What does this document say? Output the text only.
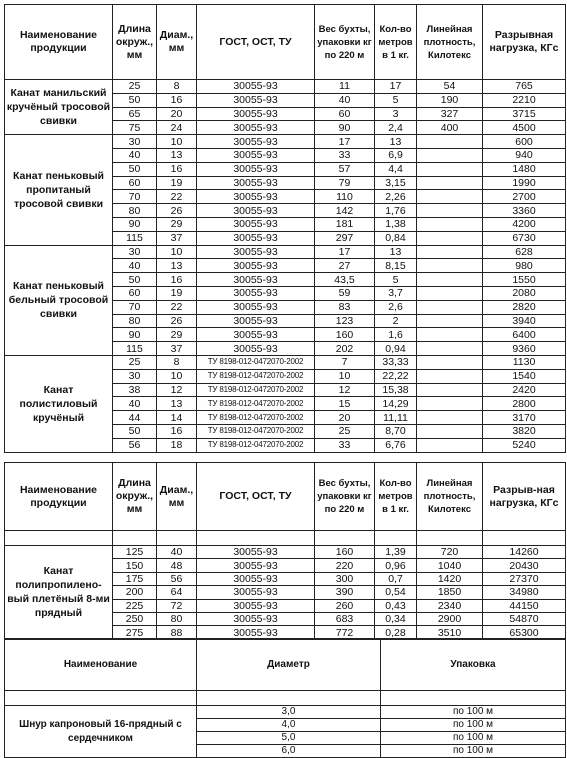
Наименование продукции	Длина окруж., мм	Диам., мм	ГОСТ, ОСТ, ТУ	Вес бухты, упаковки кг по 220 м	Кол-во метров в 1 кг.	Линейная плотность, Килотекс	Разрывная нагрузка, КГс
Канат манильский кручёный тросовой свивки	25	8	30055-93	11	17	54	765
	50	16	30055-93	40	5	190	2210
	65	20	30055-93	60	3	327	3715
	75	24	30055-93	90	2,4	400	4500
Канат пеньковый пропитаный тросовой свивки	30	10	30055-93	17	13		600
	40	13	30055-93	33	6,9		940
	50	16	30055-93	57	4,4		1480
	60	19	30055-93	79	3,15		1990
	70	22	30055-93	110	2,26		2700
	80	26	30055-93	142	1,76		3360
	90	29	30055-93	181	1,38		4200
	115	37	30055-93	297	0,84		6730
Канат пеньковый бельный тросовой свивки	30	10	30055-93	17	13		628
	40	13	30055-93	27	8,15		980
	50	16	30055-93	43,5	5		1550
	60	19	30055-93	59	3,7		2080
	70	22	30055-93	83	2,6		2820
	80	26	30055-93	123	2		3940
	90	29	30055-93	160	1,6		6400
	115	37	30055-93	202	0,94		9360
Канат полистиловый кручёный	25	8	ТУ 8198-012-0472070-2002	7	33,33		1130
	30	10	ТУ 8198-012-0472070-2002	10	22,22		1540
	38	12	ТУ 8198-012-0472070-2002	12	15,38		2420
	40	13	ТУ 8198-012-0472070-2002	15	14,29		2800
	44	14	ТУ 8198-012-0472070-2002	20	11,11		3170
	50	16	ТУ 8198-012-0472070-2002	25	8,70		3820
	56	18	ТУ 8198-012-0472070-2002	33	6,76		5240
Наименование продукции	Длина окруж., мм	Диам., мм	ГОСТ, ОСТ, ТУ	Вес бухты, упаковки кг по 220 м	Кол-во метров в 1 кг.	Линейная плотность, Килотекс	Разрыв-ная нагрузка, КГс

Канат полипропилено-вый плетёный 8-ми прядный	125	40	30055-93	160	1,39	720	14260
	150	48	30055-93	220	0,96	1040	20430
	175	56	30055-93	300	0,7	1420	27370
	200	64	30055-93	390	0,54	1850	34980
	225	72	30055-93	260	0,43	2340	44150
	250	80	30055-93	683	0,34	2900	54870
	275	88	30055-93	772	0,28	3510	65300
Наименование	Диаметр	Упаковка

Шнур капроновый 16-прядный с сердечником	3,0	по 100 м
	4,0	по 100 м
	5,0	по 100 м
	6,0	по 100 м
